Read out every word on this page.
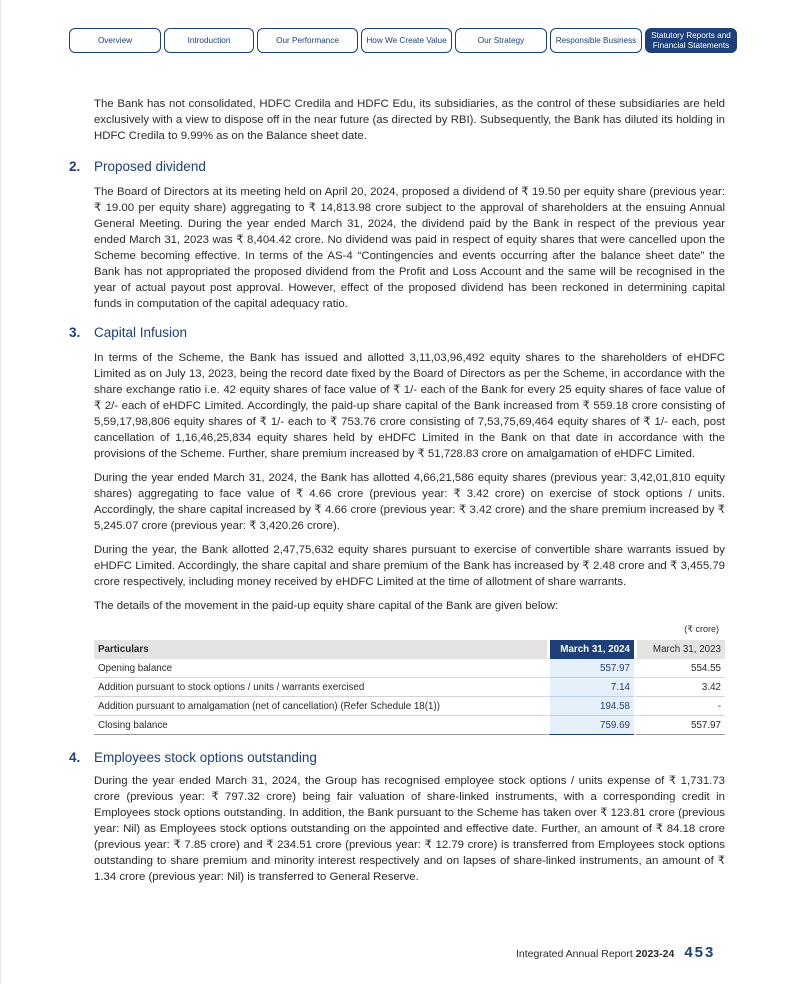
Overview	Introduction	Our Performance	How We Create Value	Our Strategy	Responsible Business
Statutory Reports and
Financial Statements

The Bank has not consolidated, HDFC Credila and HDFC Edu, its subsidiaries, as the control of these subsidiaries are held exclusively with a view to dispose off in the near future (as directed by RBI). Subsequently, the Bank has diluted its holding in HDFC Credila to 9.99% as on the Balance sheet date.

2.	Proposed dividend

The Board of Directors at its meeting held on April 20, 2024, proposed a dividend of ₹ 19.50 per equity share (previous year: ₹ 19.00 per equity share) aggregating to ₹ 14,813.98 crore subject to the approval of shareholders at the ensuing Annual General Meeting. During the year ended March 31, 2024, the dividend paid by the Bank in respect of the previous year ended March 31, 2023 was ₹ 8,404.42 crore. No dividend was paid in respect of equity shares that were cancelled upon the Scheme becoming effective. In terms of the AS-4 “Contingencies and events occurring after the balance sheet date” the Bank has not appropriated the proposed dividend from the Profit and Loss Account and the same will be recognised in the year of actual payout post approval. However, effect of the proposed dividend has been reckoned in determining capital funds in computation of the capital adequacy ratio.

3.	Capital Infusion

In terms of the Scheme, the Bank has issued and allotted 3,11,03,96,492 equity shares to the shareholders of eHDFC Limited as on July 13, 2023, being the record date fixed by the Board of Directors as per the Scheme, in accordance with the share exchange ratio i.e. 42 equity shares of face value of ₹ 1/- each of the Bank for every 25 equity shares of face value of ₹ 2/- each of eHDFC Limited. Accordingly, the paid-up share capital of the Bank increased from ₹ 559.18 crore consisting of 5,59,17,98,806 equity shares of ₹ 1/- each to ₹ 753.76 crore consisting of 7,53,75,69,464 equity shares of ₹ 1/- each, post cancellation of 1,16,46,25,834 equity shares held by eHDFC Limited in the Bank on that date in accordance with the provisions of the Scheme. Further, share premium increased by ₹ 51,728.83 crore on amalgamation of eHDFC Limited.

During the year ended March 31, 2024, the Bank has allotted 4,66,21,586 equity shares (previous year: 3,42,01,810 equity shares) aggregating to face value of ₹ 4.66 crore (previous year: ₹ 3.42 crore) on exercise of stock options / units. Accordingly, the share capital increased by ₹ 4.66 crore (previous year: ₹ 3.42 crore) and the share premium increased by ₹ 5,245.07 crore (previous year: ₹ 3,420.26 crore).

During the year, the Bank allotted 2,47,75,632 equity shares pursuant to exercise of convertible share warrants issued by eHDFC Limited. Accordingly, the share capital and share premium of the Bank has increased by ₹ 2.48 crore and ₹ 3,455.79 crore respectively, including money received by eHDFC Limited at the time of allotment of share warrants.

The details of the movement in the paid-up equity share capital of the Bank are given below:

(₹ crore)
Particulars	March 31, 2024	March 31, 2023
Opening balance	557.97	554.55
Addition pursuant to stock options / units / warrants exercised	7.14	3.42
Addition pursuant to amalgamation (net of cancellation) (Refer Schedule 18(1))	194.58	-
Closing balance	759.69	557.97
4.	Employees stock options outstanding

During the year ended March 31, 2024, the Group has recognised employee stock options / units expense of ₹ 1,731.73 crore (previous year: ₹ 797.32 crore) being fair valuation of share-linked instruments, with a corresponding credit in Employees stock options outstanding. In addition, the Bank pursuant to the Scheme has taken over ₹ 123.81 crore (previous year: Nil) as Employees stock options outstanding on the appointed and effective date. Further, an amount of ₹ 84.18 crore (previous year: ₹ 7.85 crore) and ₹ 234.51 crore (previous year: ₹ 12.79 crore) is transferred from Employees stock options outstanding to share premium and minority interest respectively and on lapses of share-linked instruments, an amount of ₹ 1.34 crore (previous year: Nil) is transferred to General Reserve.

Integrated Annual Report 2023-24 453
